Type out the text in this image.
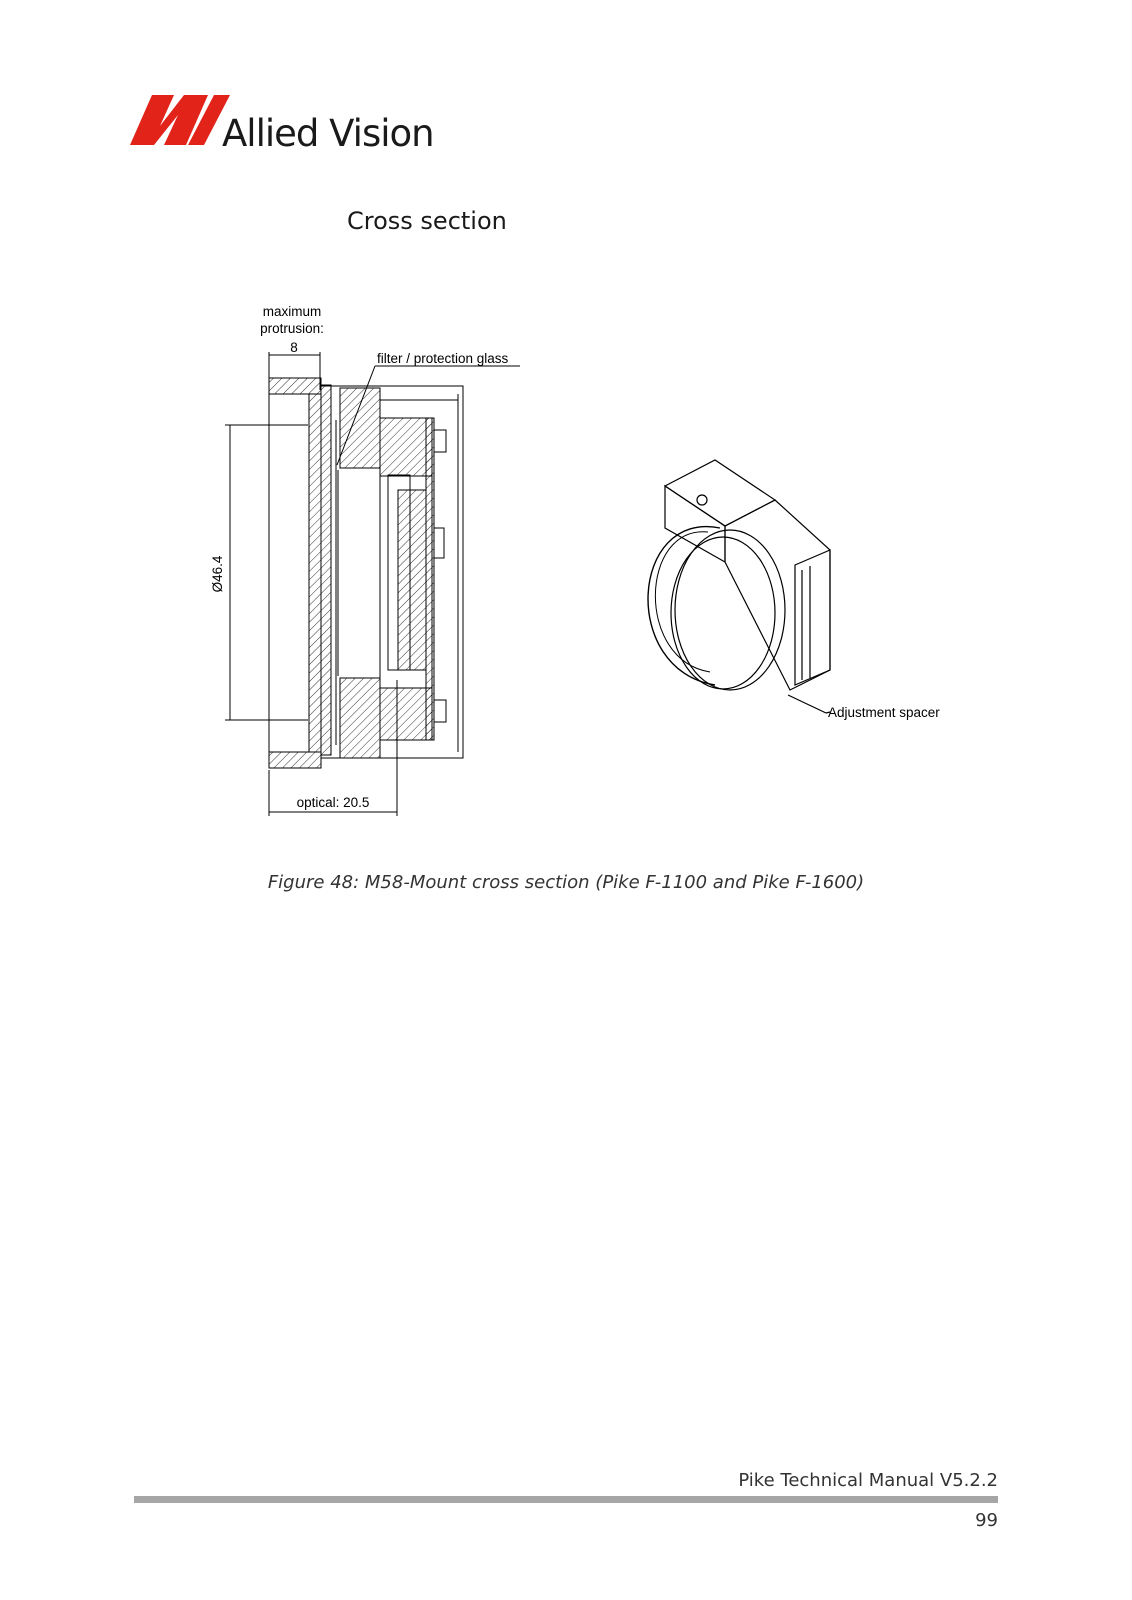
Allied Vision
Cross section
maximum
protrusion:
8
filter / protection glass
Ø46.4
optical: 20.5
Adjustment spacer
Figure 48: M58-Mount cross section (Pike F-1100 and Pike F-1600)
Pike Technical Manual V5.2.2
99
